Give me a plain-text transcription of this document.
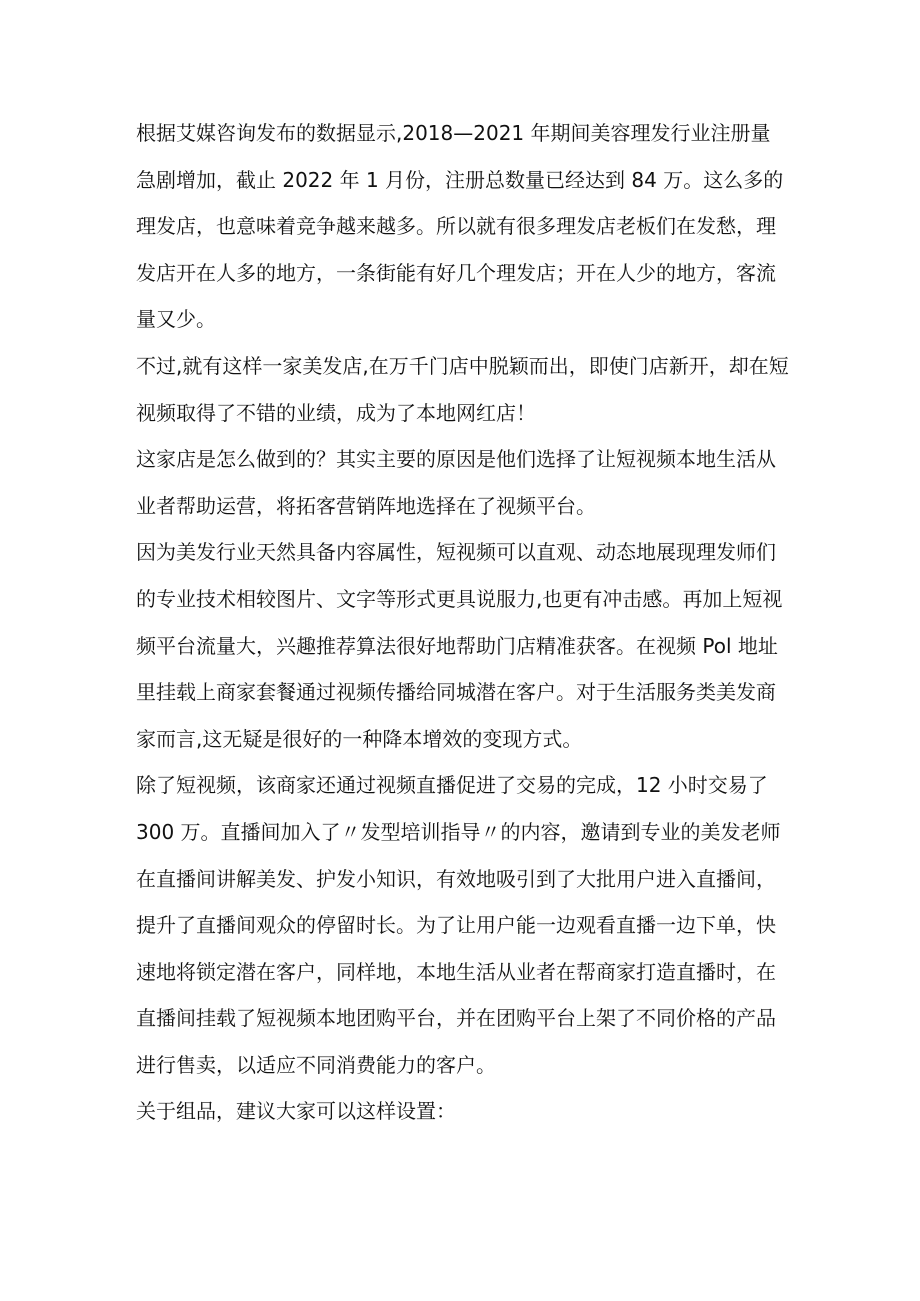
根据艾媒咨询发布的数据显示,2018—2021 年期间美容理发行业注册量
急剧增加，截止 2022 年 1 月份，注册总数量已经达到 84 万。这么多的
理发店，也意味着竞争越来越多。所以就有很多理发店老板们在发愁，理
发店开在人多的地方，一条街能有好几个理发店；开在人少的地方，客流
量又少。
不过,就有这样一家美发店,在万千门店中脱颖而出，即使门店新开，却在短
视频取得了不错的业绩，成为了本地网红店！
这家店是怎么做到的？其实主要的原因是他们选择了让短视频本地生活从
业者帮助运营，将拓客营销阵地选择在了视频平台。
因为美发行业天然具备内容属性，短视频可以直观、动态地展现理发师们
的专业技术相较图片、文字等形式更具说服力,也更有冲击感。再加上短视
频平台流量大，兴趣推荐算法很好地帮助门店精准获客。在视频 Pol 地址
里挂载上商家套餐通过视频传播给同城潜在客户。对于生活服务类美发商
家而言,这无疑是很好的一种降本增效的变现方式。
除了短视频，该商家还通过视频直播促进了交易的完成，12 小时交易了
300 万。直播间加入了〃发型培训指导〃的内容，邀请到专业的美发老师
在直播间讲解美发、护发小知识，有效地吸引到了大批用户进入直播间，
提升了直播间观众的停留时长。为了让用户能一边观看直播一边下单，快
速地将锁定潜在客户，同样地，本地生活从业者在帮商家打造直播时，在
直播间挂载了短视频本地团购平台，并在团购平台上架了不同价格的产品
进行售卖，以适应不同消费能力的客户。
关于组品，建议大家可以这样设置：
